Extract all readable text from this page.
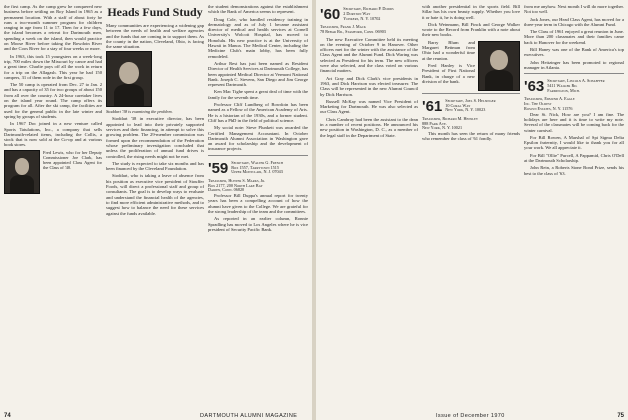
the first camp. As the camp grew he conquered new business before settling on Roy Island in 1965 as a permanent location. With a staff of about forty he runs a two-month summer program for children ranging in age from 11 to 17. Then for a few days, the island becomes a retreat for Dartmouth men, spending a week on the island, then would practice on Moose River before taking the Bowdoin River and the Coos River for a stay of four weeks or more.

In 1963, this took 15 youngsters on a week-long trip, 700 miles down the Missouri by canoe and had a great time. Charlie pays off all the work in return for a trip on the Allagash. This year he had 150 campers, 31 of them rode in the first group.

The 50 camp is operated from Dec. 27 to Jan. 2 and has a capacity of 35 for two groups of about 150 from all over the country. A 24-hour caretaker lives on the island year round. The camp offers its program for all. After the ski camp, the facilities are used for the general public in the late winter and spring by groups of students.

In 1967 Doc joined in a new venture called Sports Tatulations, Inc., a company that sells Dartmouth-related items, including the Collis, a stock that is now sold at the Co-op and at various book stores.

Fred Lewis, who for her Deputy Commissioner Joe Clark, has been appointed Class Agent for the Class of '40.

Heads Fund Study

Many communities are experiencing a widening gap between the needs of health and welfare agencies and the funds that are coming in to support them. As the county in the nation, Cleveland, Ohio, is facing the same situation.

Stoddart '38 is examining the problem.

Stoddart '38 in executive director, has been appointed to lead into their privately supported services and their financing, in attempt to solve this growing problem. The 29-member commission was formed upon the recommendation of the Federation whose preliminary investigation concluded that unless the proliferation of annual fund drives is controlled, the rising needs might not be met.

The study is expected to take six months and has been financed by the Cleveland Foundation.

Stoddart, who is taking a leave of absence from his position as executive vice president of Stouffer Foods, will direct a professional staff and group of consultants. The goal is to develop ways to evaluate and understand the financial health of the agencies, to find more efficient administrative methods, and to suggest how to balance the need for these services against the funds available.

the student demonstrations against the establishment which the Bank of America seems to represent.

Doug Cole, who handled residency training in dermatology and as of July 1 became assistant director of medical and health services at Cornell University's Wolcott Hospital, has moved to Honolulu. His new practice is at the University of Hawaii in Manoa. The Medical Center, including the Medicine Club's main lobby, has been fully remodeled.

Arthur Rest has just been named as Resident Director of Health Services at Dartmouth College, has been appointed Medical Director at Vermont National Bank. Joseph C. Stevens, San Diego and Jim George represent Dartmouth.

Ken Mac Tighe spent a great deal of time with the family for the seventh time.

Professor Cliff Lundberg of Bowdoin has been named as a Fellow of the American Academy of Arts. He is a historian of the 1930s, and a former student. Cliff has a PhD in the field of political science.

My social note: Steve Plunkett was awarded the Certified Management Accountant. In October Dartmouth Alumni Association in Washington gave an award for scholarship and the development of insurance projects.

'59 Secretary, Walter G. French
Box 1557, Tarrytown 1515
Upper Montclair, N. J. 07043
Treasurer, Hunter S. Marks, Jr.
Box 2177, 200 North Lake Bay
Darien, Conn. 06820

Professor Bill Duppa's annual report for twenty years has been a compelling account of how the alumni have given to the College. We are grateful for the strong leadership of the team and the committees.

As reported in an earlier column, Ronnie Spradling has moved to Los Angeles where he is vice president of Security Pacific Bank.

74	DARTMOUTH ALUMNI MAGAZINE
'60 Secretary, Richard P. Dodds
2 Dorston Way
Yonkers, N. Y. 10702
Treasurer, Frank J. Mack
78 Rebar Rd., Stamford, Conn. 06903

The new Executive Committee held its meeting on the evening of October 9 in Hanover. Other officers met for the winter with the assistance of the Class Agent and the Alumni Fund. Dick Waring was selected as President for his term. The new officers were also selected, and the class voted on various financial matters.

Art Gray and Dick Clark's vice presidents in 1963, and Dick Harrison was elected treasurer. The Class will be represented in the new Alumni Council by Dick Harrison.

Russell McKay was named Vice President of Marketing for Dartmouth. He was also selected as our Class Agent.

Chris Cambray had been the assistant to the dean in a number of recent positions. He announced his new position in Washington, D. C., as a member of the legal staff in the Department of State.

with another presidential in the sports field. Bill Sillar has his own beauty supply. Whether you love it or hate it, he is doing well.

Dick Weinmann, Bill Finck and George Walker wrote to the Record from Franklin with a note about their new books.

Barry Blum and Margaret Bettman from Ohio had a wonderful time at the reunion.

Fred Hanley is Vice President of First National Bank, in charge of a new division of the bank.

'61 Secretary, Joel S. Helsinger
10 Coral Way
New York, N. Y. 10023
Treasurer, Richard M. Hensley
888 Park Ave.
New York, N. Y. 10021

This month has seen the return of many friends who remember the class of '61 fondly.

from me anyhow. Next month I will do more together. Not too well.

Jack Jones, our Head Class Agent, has moved for a three-year term in Chicago with the Alumni Fund.

The Class of 1961 enjoyed a great reunion in June. More than 200 classmates and their families came back to Hanover for the weekend.

Bill Haney was one of the Bank of America's top executives.

John Heitzinger has been promoted to regional manager in Atlanta.

'63 Secretary, Lincoln A. Schaeffer
5411 Walker Rd.
Farmington, Mich.
Treasurer, Edmund A. Eagle
Inc. The Oldest
Roslyn Estates, N. Y. 11576

Dear St. Nick, How are you? I am fine. The holidays are here and it is time to write my note. Several of the classmates will be coming back for the winter carnival.

For Bill Rowen, A Marshal of Spi Sigma Delta Epsilon fraternity, I would like to thank you for all your work. We all appreciate it.

For Bill "Ollie" Purcell, A Pappamid, Chris O'Dell at the Dartmouth Scholarship.

John Rein, a Roberts Stone Bond Prize, sends his best to the class of '63.

Issue of December 1970	75
